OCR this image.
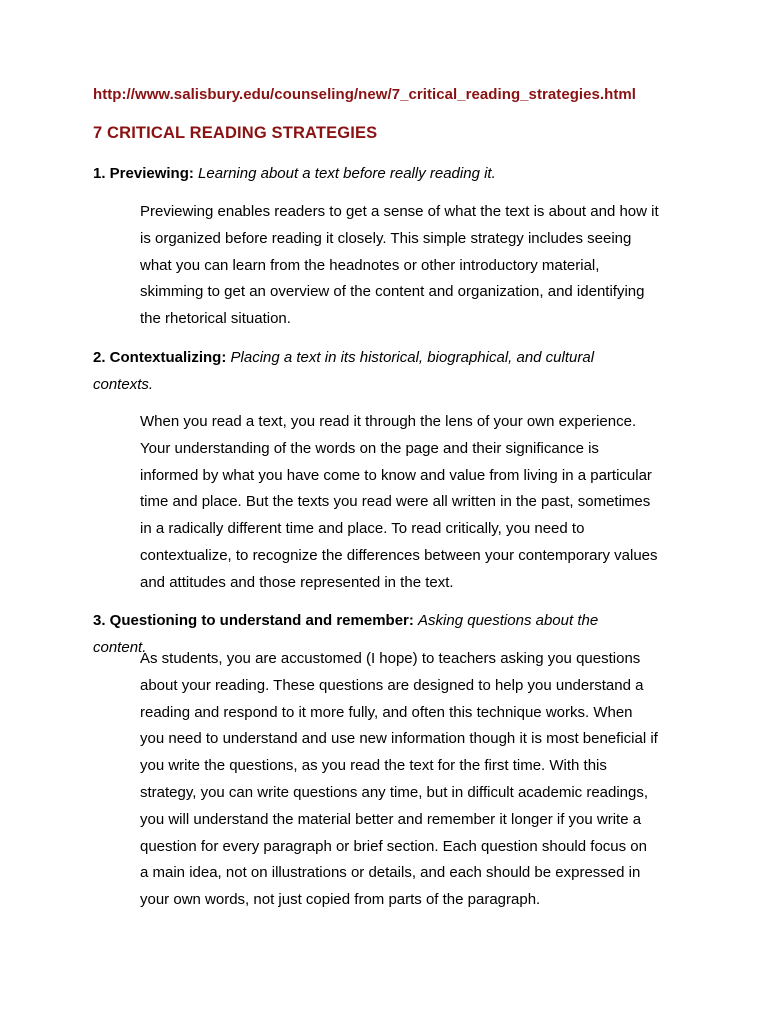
http://www.salisbury.edu/counseling/new/7_critical_reading_strategies.html
7 CRITICAL READING STRATEGIES

1. Previewing: Learning about a text before really reading it.

Previewing enables readers to get a sense of what the text is about and how it
is organized before reading it closely. This simple strategy includes seeing
what you can learn from the headnotes or other introductory material,
skimming to get an overview of the content and organization, and identifying
the rhetorical situation.

2. Contextualizing: Placing a text in its historical, biographical, and cultural
contexts.

When you read a text, you read it through the lens of your own experience.
Your understanding of the words on the page and their significance is
informed by what you have come to know and value from living in a particular
time and place. But the texts you read were all written in the past, sometimes
in a radically different time and place. To read critically, you need to
contextualize, to recognize the differences between your contemporary values
and attitudes and those represented in the text.

3. Questioning to understand and remember: Asking questions about the content.

As students, you are accustomed (I hope) to teachers asking you questions
about your reading. These questions are designed to help you understand a
reading and respond to it more fully, and often this technique works. When
you need to understand and use new information though it is most beneficial if
you write the questions, as you read the text for the first time. With this
strategy, you can write questions any time, but in difficult academic readings,
you will understand the material better and remember it longer if you write a
question for every paragraph or brief section. Each question should focus on
a main idea, not on illustrations or details, and each should be expressed in
your own words, not just copied from parts of the paragraph.
